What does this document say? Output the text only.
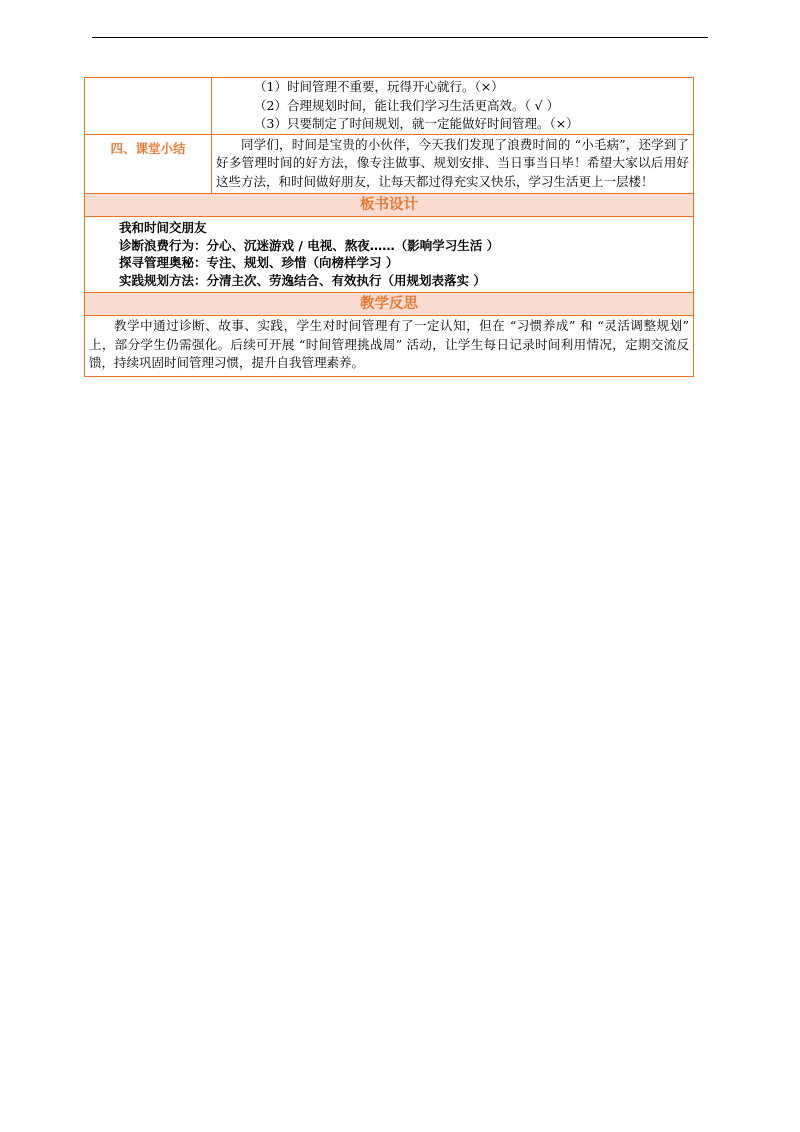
（1）时间管理不重要，玩得开心就行。（×）
（2）合理规划时间，能让我们学习生活更高效。（ √ ）
（3）只要制定了时间规划，就一定能做好时间管理。（×）
四、课堂小结	同学们，时间是宝贵的小伙伴，今天我们发现了浪费时间的 “小毛病”，还学到了好多管理时间的好方法，像专注做事、规划安排、当日事当日毕！希望大家以后用好这些方法，和时间做好朋友，让每天都过得充实又快乐，学习生活更上一层楼！
板书设计
我和时间交朋友
诊断浪费行为：分心、沉迷游戏 / 电视、熬夜……（影响学习生活 ）
探寻管理奥秘：专注、规划、珍惜（向榜样学习 ）
实践规划方法：分清主次、劳逸结合、有效执行（用规划表落实 ）
教学反思
教学中通过诊断、故事、实践，学生对时间管理有了一定认知，但在 “习惯养成” 和 “灵活调整规划” 上，部分学生仍需强化。后续可开展 “时间管理挑战周” 活动，让学生每日记录时间利用情况，定期交流反馈，持续巩固时间管理习惯，提升自我管理素养。
